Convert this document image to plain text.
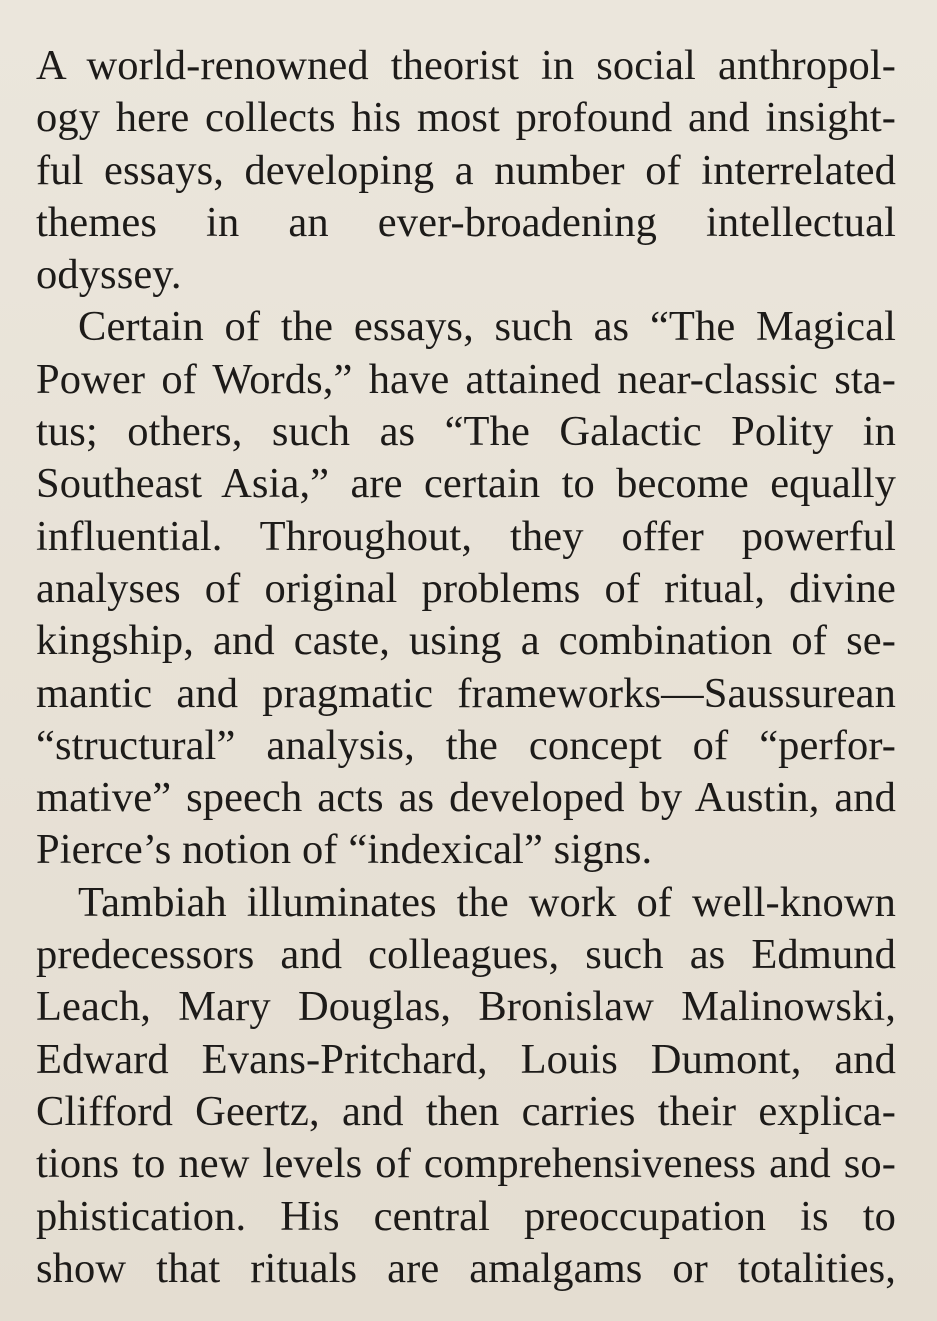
A world-renowned theorist in social anthropol-
ogy here collects his most profound and insight-
ful essays, developing a number of interrelated
themes in an ever-broadening intellectual
odyssey.
Certain of the essays, such as “The Magical
Power of Words,” have attained near-classic sta-
tus; others, such as “The Galactic Polity in
Southeast Asia,” are certain to become equally
influential. Throughout, they offer powerful
analyses of original problems of ritual, divine
kingship, and caste, using a combination of se-
mantic and pragmatic frameworks—Saussurean
“structural” analysis, the concept of “perfor-
mative” speech acts as developed by Austin, and
Pierce’s notion of “indexical” signs.
Tambiah illuminates the work of well-known
predecessors and colleagues, such as Edmund
Leach, Mary Douglas, Bronislaw Malinowski,
Edward Evans-Pritchard, Louis Dumont, and
Clifford Geertz, and then carries their explica-
tions to new levels of comprehensiveness and so-
phistication. His central preoccupation is to
show that rituals are amalgams or totalities,
